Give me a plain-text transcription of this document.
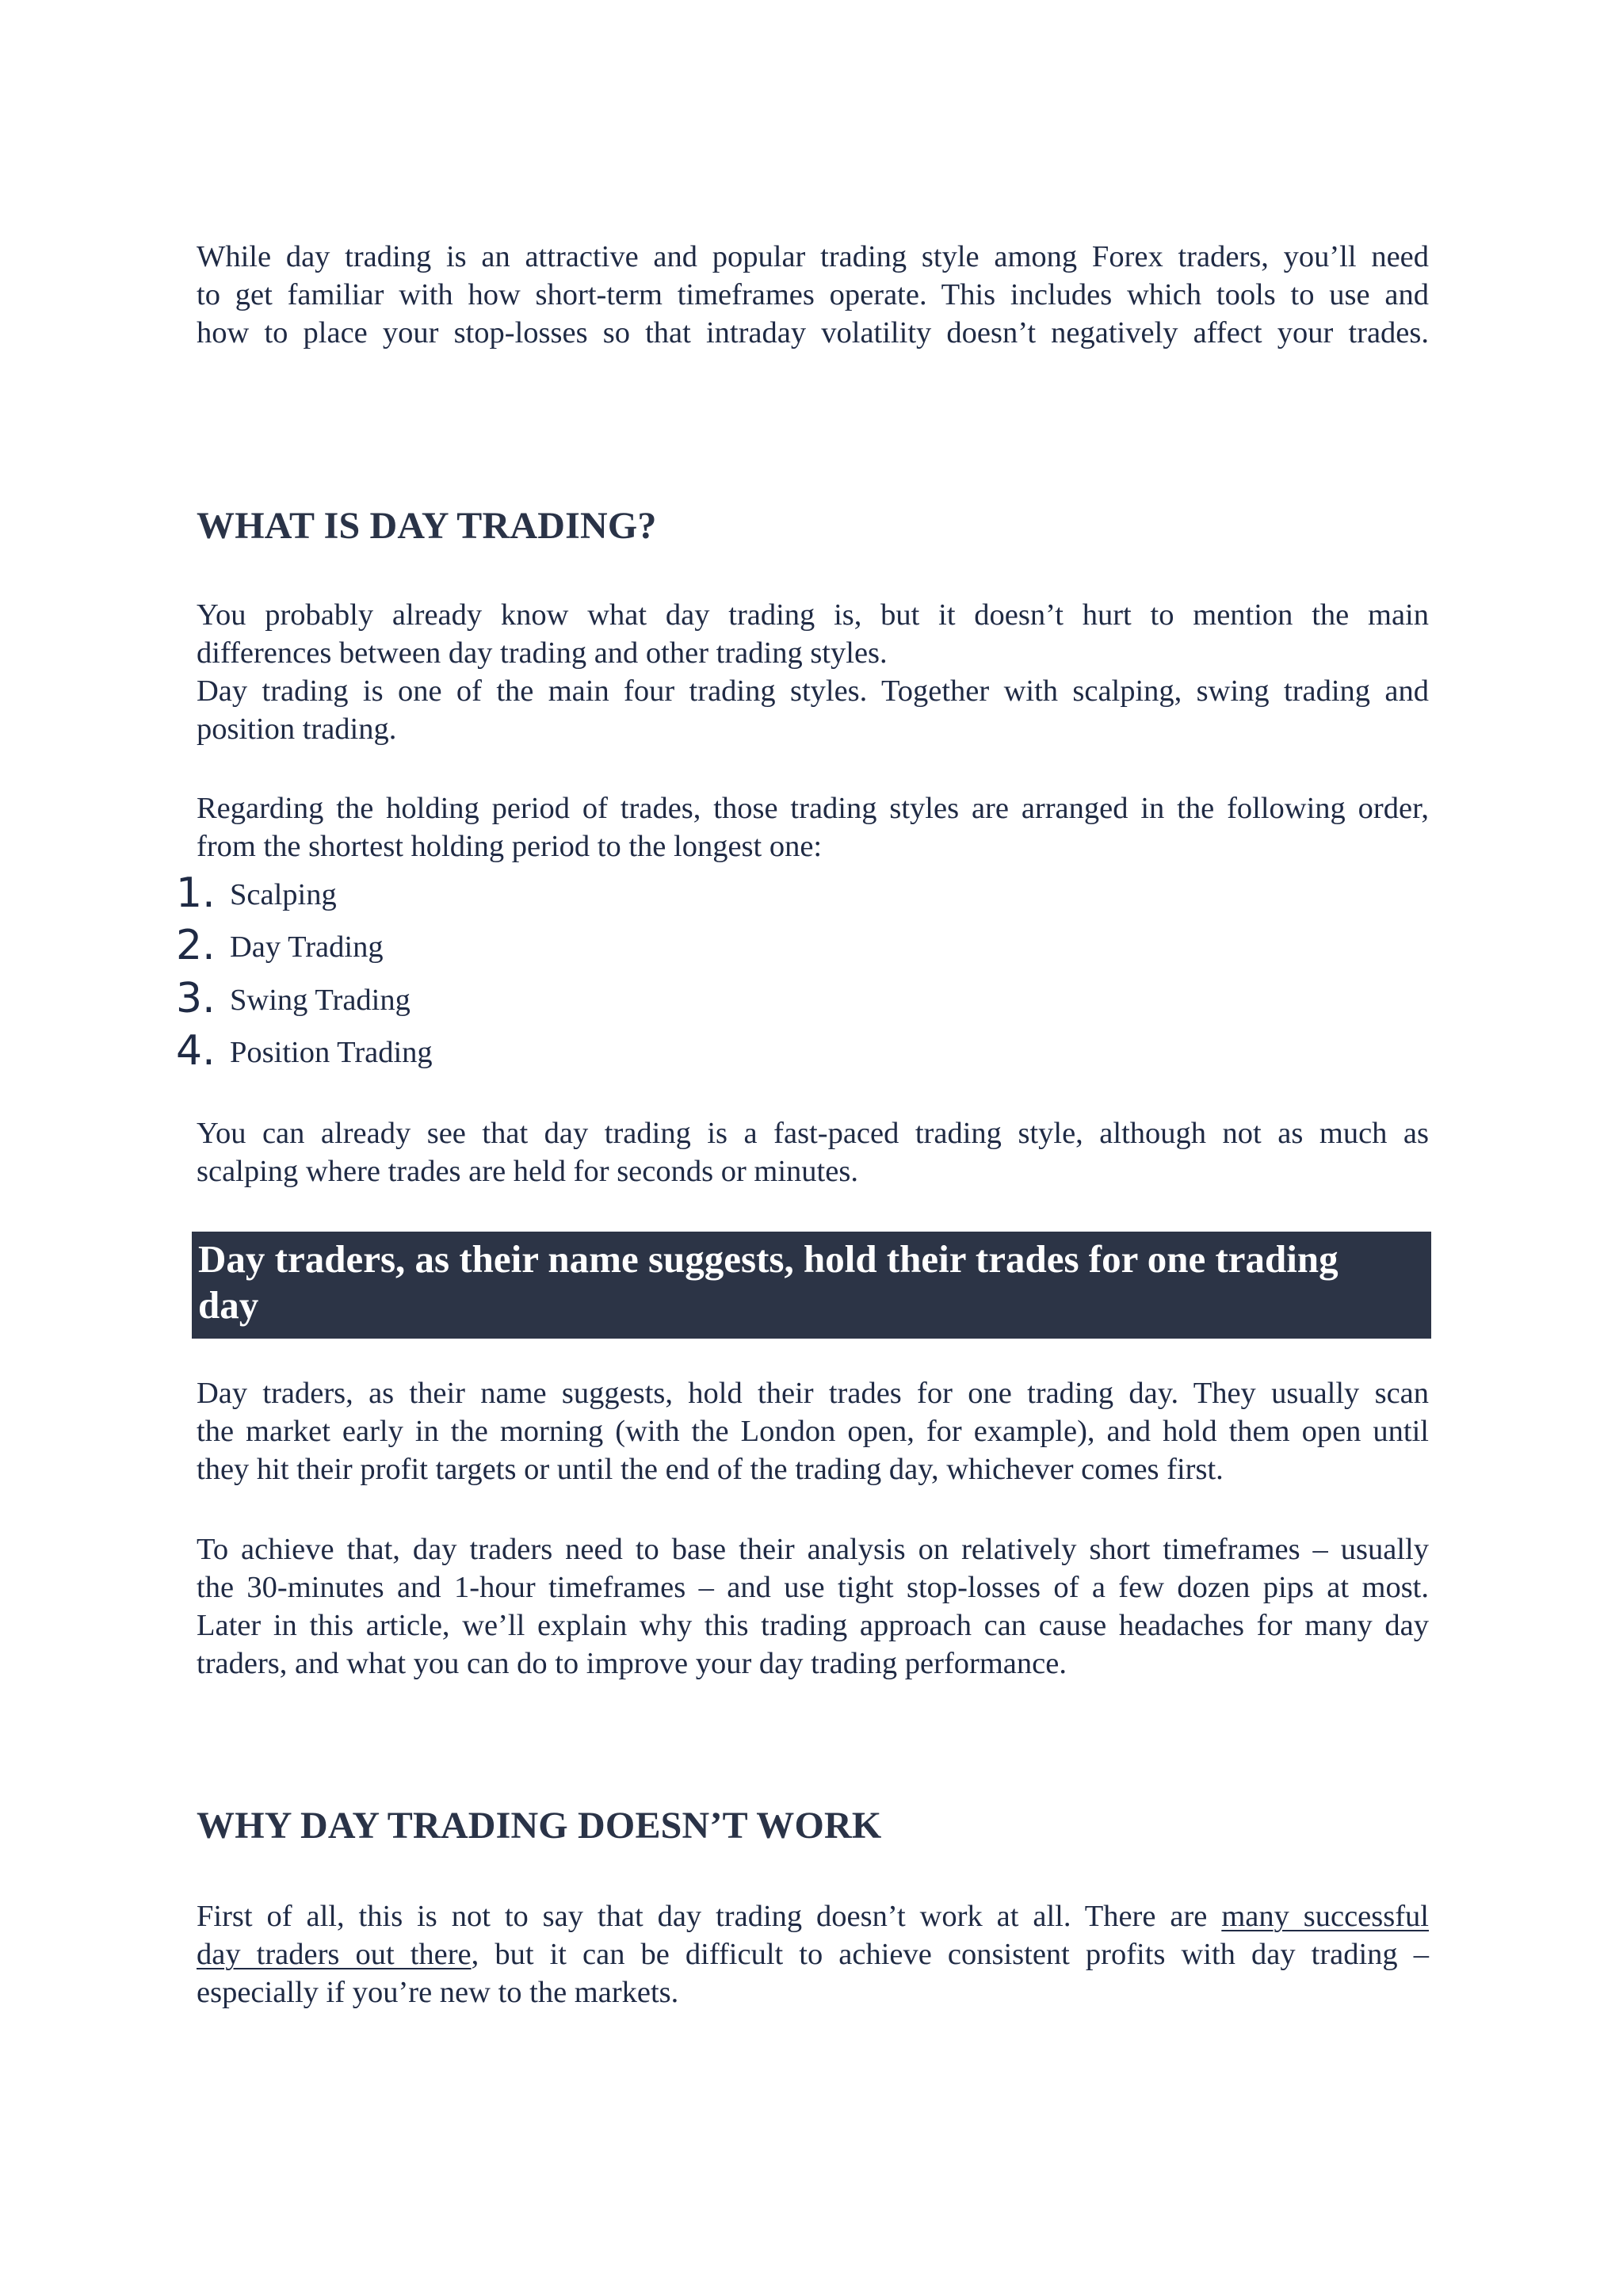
While day trading is an attractive and popular trading style among Forex traders, you’ll need
to get familiar with how short-term timeframes operate. This includes which tools to use and
how to place your stop-losses so that intraday volatility doesn’t negatively affect your trades.

WHAT IS DAY TRADING?

You probably already know what day trading is, but it doesn’t hurt to mention the main
differences between day trading and other trading styles.
Day trading is one of the main four trading styles. Together with scalping, swing trading and
position trading.

Regarding the holding period of trades, those trading styles are arranged in the following order,
from the shortest holding period to the longest one:

1. Scalping
2. Day Trading
3. Swing Trading
4. Position Trading

You can already see that day trading is a fast-paced trading style, although not as much as
scalping where trades are held for seconds or minutes.

Day traders, as their name suggests, hold their trades for one trading
day

Day traders, as their name suggests, hold their trades for one trading day. They usually scan
the market early in the morning (with the London open, for example), and hold them open until
they hit their profit targets or until the end of the trading day, whichever comes first.

To achieve that, day traders need to base their analysis on relatively short timeframes – usually
the 30-minutes and 1-hour timeframes – and use tight stop-losses of a few dozen pips at most.
Later in this article, we’ll explain why this trading approach can cause headaches for many day
traders, and what you can do to improve your day trading performance.

WHY DAY TRADING DOESN’T WORK

First of all, this is not to say that day trading doesn’t work at all. There are many successful
day traders out there, but it can be difficult to achieve consistent profits with day trading –
especially if you’re new to the markets.
